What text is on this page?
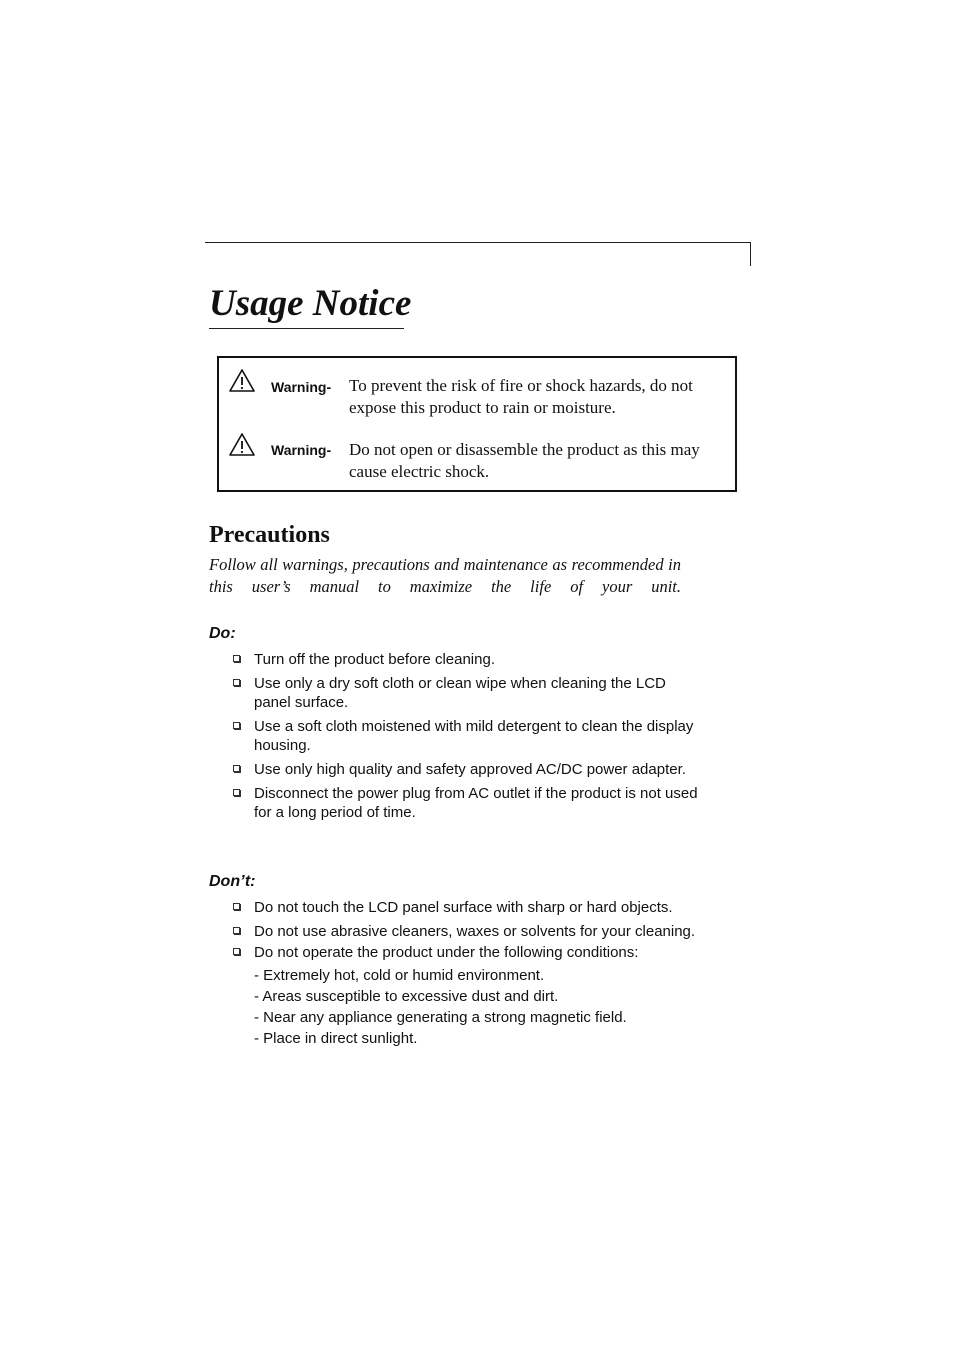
Usage Notice
Warning- To prevent the risk of fire or shock hazards, do not expose this product to rain or moisture.
Warning- Do not open or disassemble the product as this may cause electric shock.
Precautions

Follow all warnings, precautions and maintenance as recommended in this user’s manual to maximize the life of your unit.

Do:
Turn off the product before cleaning.
Use only a dry soft cloth or clean wipe when cleaning the LCD panel surface.
Use a soft cloth moistened with mild detergent to clean the display housing.
Use only high quality and safety approved AC/DC power adapter.
Disconnect the power plug from AC outlet if the product is not used for a long period of time.
Don’t:
Do not touch the LCD panel surface with sharp or hard objects.
Do not use abrasive cleaners, waxes or solvents for your cleaning.
Do not operate the product under the following conditions:
- Extremely hot, cold or humid environment.
- Areas susceptible to excessive dust and dirt.
- Near any appliance generating a strong magnetic field.
- Place in direct sunlight.
